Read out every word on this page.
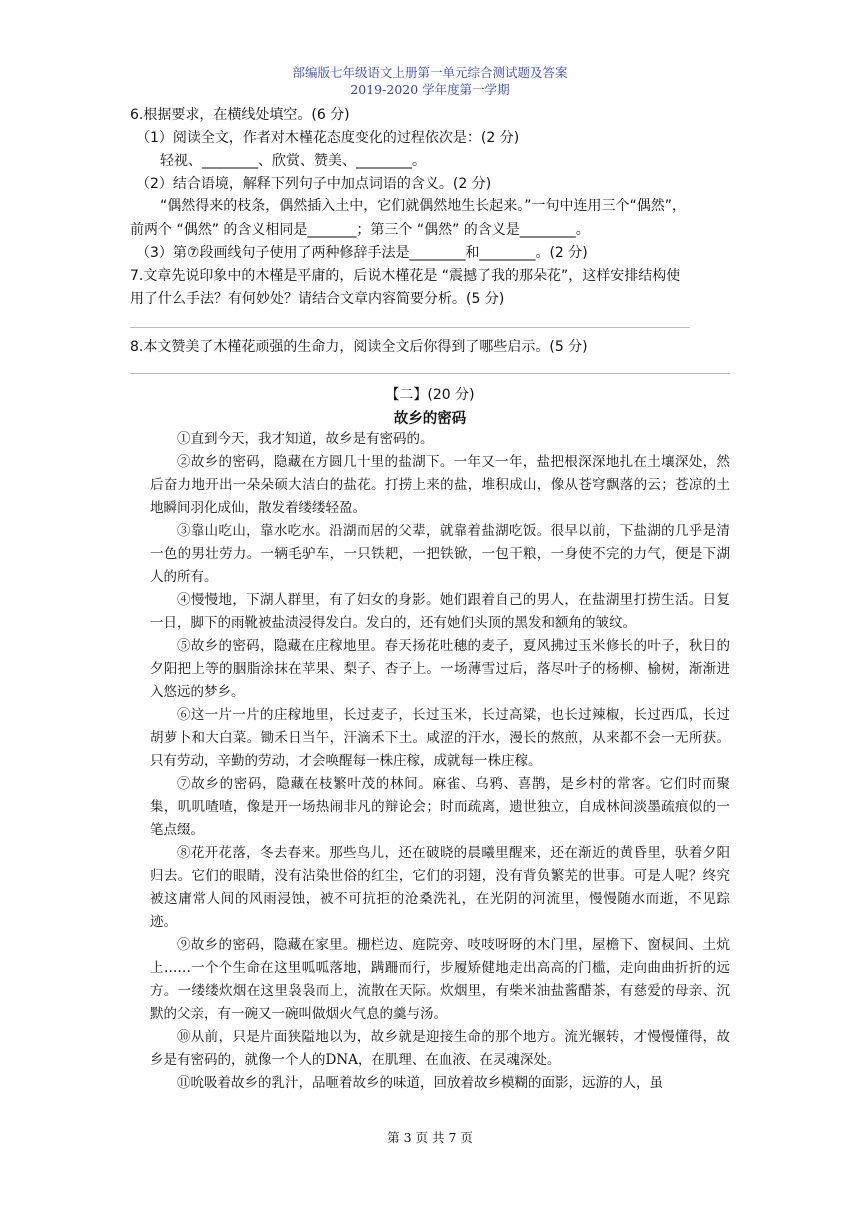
部编版七年级语文上册第一单元综合测试题及答案
2019-2020 学年度第一学期
6.根据要求，在横线处填空。(6 分)
（1）阅读全文，作者对木槿花态度变化的过程依次是：(2 分)
轻视、________、欣赏、赞美、________。
（2）结合语境，解释下列句子中加点词语的含义。(2 分)
“偶然得来的枝条，偶然插入土中，它们就偶然地生长起来。”一句中连用三个“偶然”，
前两个 “偶然” 的含义相同是_______；第三个 “偶然” 的含义是________。
（3）第⑦段画线句子使用了两种修辞手法是________和________。(2 分)
7.文章先说印象中的木槿是平庸的，后说木槿花是 “震撼了我的那朵花”，这样安排结构使
用了什么手法？有何妙处？请结合文章内容简要分析。(5 分)
8.本文赞美了木槿花顽强的生命力，阅读全文后你得到了哪些启示。(5 分)
【二】(20 分)
故乡的密码

①直到今天，我才知道，故乡是有密码的。

②故乡的密码，隐藏在方圆几十里的盐湖下。一年又一年，盐把根深深地扎在土壤深处，然后奋力地开出一朵朵硕大洁白的盐花。打捞上来的盐，堆积成山，像从苍穹飘落的云；苍凉的土地瞬间羽化成仙，散发着缕缕轻盈。

③靠山吃山，靠水吃水。沿湖而居的父辈，就靠着盐湖吃饭。很早以前，下盐湖的几乎是清一色的男壮劳力。一辆毛驴车，一只铁耙，一把铁锨，一包干粮，一身使不完的力气，便是下湖人的所有。

④慢慢地，下湖人群里，有了妇女的身影。她们跟着自己的男人，在盐湖里打捞生活。日复一日，脚下的雨靴被盐渍浸得发白。发白的，还有她们头顶的黑发和额角的皱纹。

⑤故乡的密码，隐藏在庄稼地里。春天扬花吐穗的麦子，夏风拂过玉米修长的叶子，秋日的夕阳把上等的胭脂涂抹在苹果、梨子、杏子上。一场薄雪过后，落尽叶子的杨柳、榆树，渐渐进入悠远的梦乡。

⑥这一片一片的庄稼地里，长过麦子，长过玉米，长过高粱，也长过辣椒，长过西瓜，长过胡萝卜和大白菜。锄禾日当午，汗滴禾下土。咸涩的汗水，漫长的熬煎，从来都不会一无所获。只有劳动，辛勤的劳动，才会唤醒每一株庄稼，成就每一株庄稼。

⑦故乡的密码，隐藏在枝繁叶茂的林间。麻雀、乌鸦、喜鹊，是乡村的常客。它们时而聚集，叽叽喳喳，像是开一场热闹非凡的辩论会；时而疏离，遗世独立，自成林间淡墨疏痕似的一笔点缀。

⑧花开花落，冬去春来。那些鸟儿，还在破晓的晨曦里醒来，还在渐近的黄昏里，驮着夕阳归去。它们的眼睛，没有沾染世俗的红尘，它们的羽翅，没有背负繁芜的世事。可是人呢？终究被这庸常人间的风雨浸蚀，被不可抗拒的沧桑洗礼，在光阴的河流里，慢慢随水而逝，不见踪迹。

⑨故乡的密码，隐藏在家里。栅栏边、庭院旁、吱吱呀呀的木门里，屋檐下、窗棂间、土炕上……一个个生命在这里呱呱落地，蹒跚而行，步履矫健地走出高高的门槛，走向曲曲折折的远方。一缕缕炊烟在这里袅袅而上，流散在天际。炊烟里，有柴米油盐酱醋茶，有慈爱的母亲、沉默的父亲，有一碗又一碗叫做烟火气息的羹与汤。

⑩从前，只是片面狭隘地以为，故乡就是迎接生命的那个地方。流光辗转，才慢慢懂得，故乡是有密码的，就像一个人的DNA，在肌理、在血液、在灵魂深处。

⑪吮吸着故乡的乳汁，品咂着故乡的味道，回放着故乡模糊的面影，远游的人，虽

第 3 页 共 7 页
